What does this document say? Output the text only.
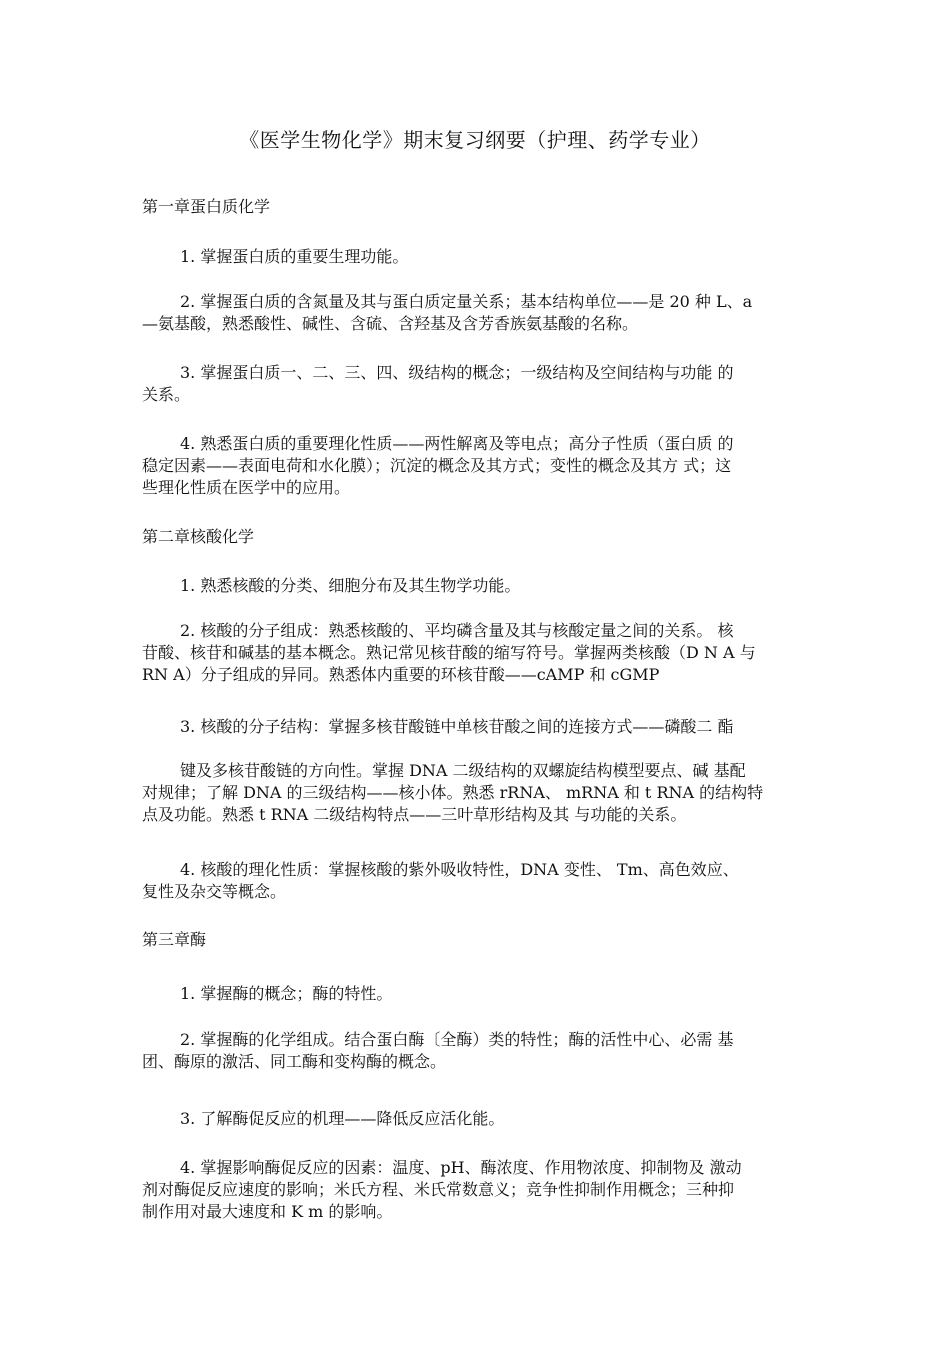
《医学生物化学》期末复习纲要（护理、药学专业）
第一章蛋白质化学

1. 掌握蛋白质的重要生理功能。

2. 掌握蛋白质的含氮量及其与蛋白质定量关系；基本结构单位——是 20 种 L、a
—氨基酸，熟悉酸性、碱性、含硫、含羟基及含芳香族氨基酸的名称。

3. 掌握蛋白质一、二、三、四、级结构的概念；一级结构及空间结构与功能 的
关系。

4. 熟悉蛋白质的重要理化性质——两性解离及等电点；高分子性质（蛋白质 的
稳定因素——表面电荷和水化膜）；沉淀的概念及其方式；变性的概念及其方 式；这
些理化性质在医学中的应用。

第二章核酸化学

1. 熟悉核酸的分类、细胞分布及其生物学功能。

2. 核酸的分子组成：熟悉核酸的、平均磷含量及其与核酸定量之间的关系。 核
苷酸、核苷和碱基的基本概念。熟记常见核苷酸的缩写符号。掌握两类核酸（D N A 与
RN A）分子组成的异同。熟悉体内重要的环核苷酸——cAMP 和 cGMP

3. 核酸的分子结构：掌握多核苷酸链中单核苷酸之间的连接方式——磷酸二 酯

键及多核苷酸链的方向性。掌握 DNA 二级结构的双螺旋结构模型要点、碱 基配
对规律；了解 DNA 的三级结构——核小体。熟悉 rRNA、 mRNA 和 t RNA 的结构特
点及功能。熟悉 t RNA 二级结构特点——三叶草形结构及其 与功能的关系。

4. 核酸的理化性质：掌握核酸的紫外吸收特性，DNA 变性、 Tm、高色效应、
复性及杂交等概念。

第三章酶

1. 掌握酶的概念；酶的特性。

2. 掌握酶的化学组成。结合蛋白酶〔全酶）类的特性；酶的活性中心、必需 基
团、酶原的激活、同工酶和变构酶的概念。

3. 了解酶促反应的机理——降低反应活化能。

4. 掌握影响酶促反应的因素：温度、pH、酶浓度、作用物浓度、抑制物及 激动
剂对酶促反应速度的影响；米氏方程、米氏常数意义；竞争性抑制作用概念；三种抑
制作用对最大速度和 K m 的影响。
